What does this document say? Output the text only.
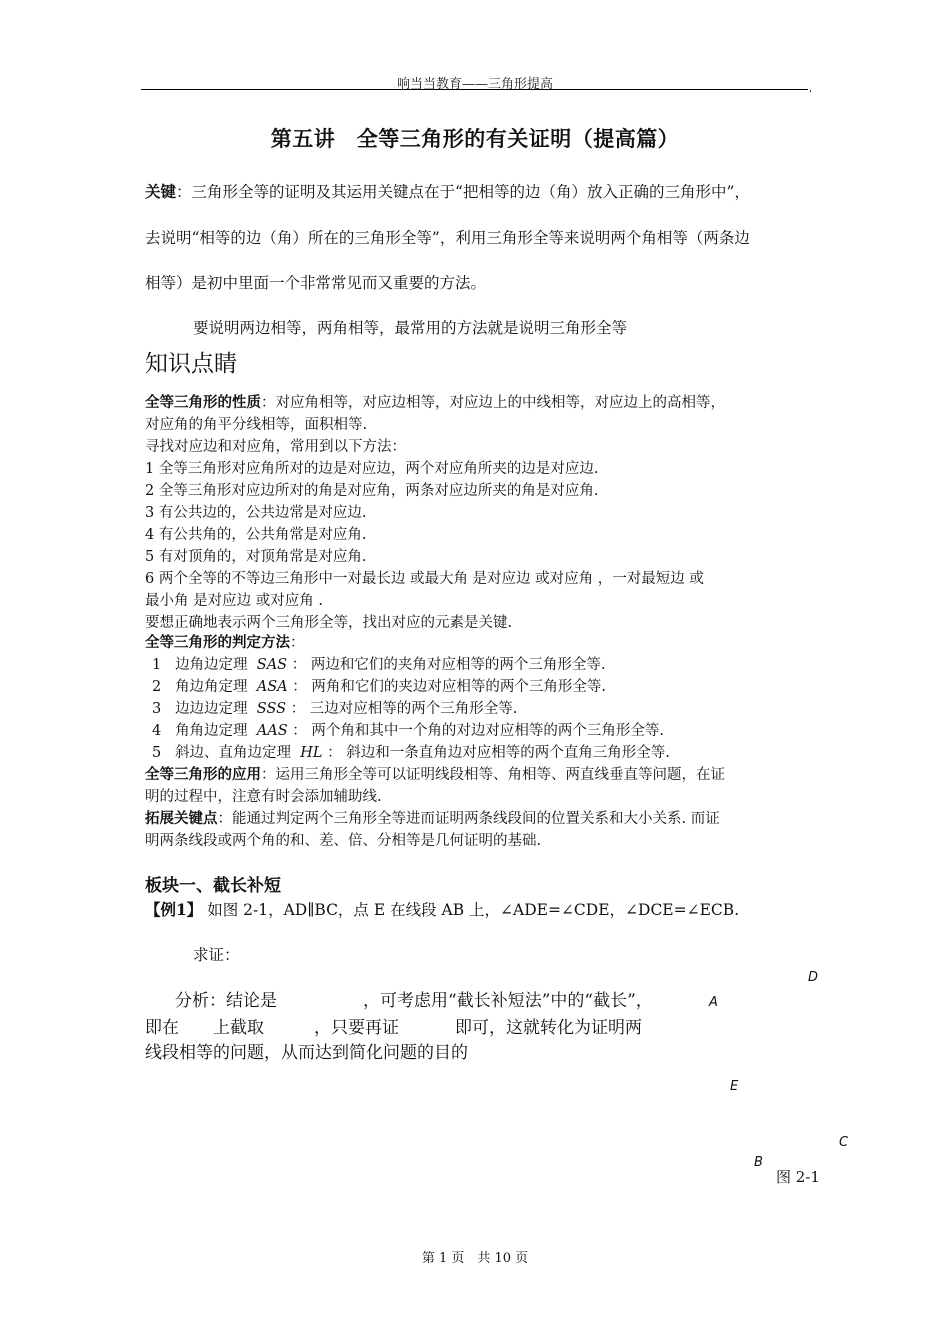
响当当教育——三角形提高	,
第五讲　全等三角形的有关证明（提高篇）
关键：三角形全等的证明及其运用关键点在于“把相等的边（角）放入正确的三角形中”，
去说明“相等的边（角）所在的三角形全等”，利用三角形全等来说明两个角相等（两条边
相等）是初中里面一个非常常见而又重要的方法。
要说明两边相等，两角相等，最常用的方法就是说明三角形全等
知识点睛
全等三角形的性质：对应角相等，对应边相等，对应边上的中线相等，对应边上的高相等，
对应角的角平分线相等，面积相等.
寻找对应边和对应角，常用到以下方法：
1 全等三角形对应角所对的边是对应边，两个对应角所夹的边是对应边.
2 全等三角形对应边所对的角是对应角，两条对应边所夹的角是对应角.
3 有公共边的，公共边常是对应边.
4 有公共角的，公共角常是对应角.
5 有对顶角的，对顶角常是对应角.
6 两个全等的不等边三角形中一对最长边 或最大角 是对应边 或对应角 ，一对最短边 或
最小角 是对应边 或对应角 .
要想正确地表示两个三角形全等，找出对应的元素是关键.
全等三角形的判定方法：
1 边角边定理 SAS ： 两边和它们的夹角对应相等的两个三角形全等.
2 角边角定理 ASA ： 两角和它们的夹边对应相等的两个三角形全等.
3 边边边定理 SSS ： 三边对应相等的两个三角形全等.
4 角角边定理 AAS ： 两个角和其中一个角的对边对应相等的两个三角形全等.
5 斜边、直角边定理 HL ： 斜边和一条直角边对应相等的两个直角三角形全等.
全等三角形的应用：运用三角形全等可以证明线段相等、角相等、两直线垂直等问题，在证
明的过程中，注意有时会添加辅助线.
拓展关键点：能通过判定两个三角形全等进而证明两条线段间的位置关系和大小关系. 而证
明两条线段或两个角的和、差、倍、分相等是几何证明的基础.
板块一、截长补短
【例1】 如图 2-1，AD∥BC，点 E 在线段 AB 上，∠ADE=∠CDE，∠DCE=∠ECB.
求证：
分析：结论是	，可考虑用“截长补短法”中的“截长”，
即在 上截取	，只要再证	即可，这就转化为证明两
线段相等的问题，从而达到简化问题的目的
D
A
E
C
B
图 2-1
第 1 页　共 10 页
